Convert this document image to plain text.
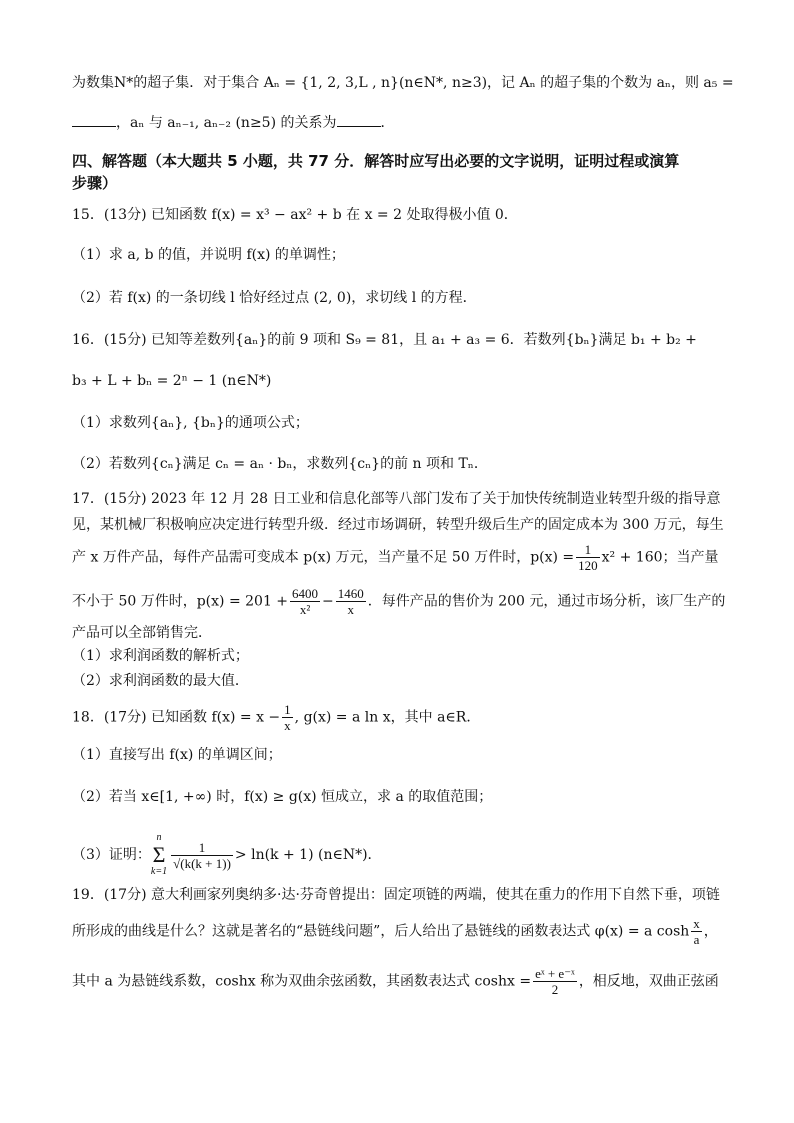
为数集N*的超子集．对于集合 Aₙ = {1, 2, 3,L , n}(n∈N*, n≥3)，记 Aₙ 的超子集的个数为 aₙ，则 a₅ =
，aₙ 与 aₙ₋₁, aₙ₋₂ (n≥5) 的关系为	．
四、解答题（本大题共 5 小题，共 77 分．解答时应写出必要的文字说明，证明过程或演算
步骤）
15．(13分) 已知函数 f(x) = x³ − ax² + b 在 x = 2 处取得极小值 0．
（1）求 a, b 的值，并说明 f(x) 的单调性；
（2）若 f(x) 的一条切线 l 恰好经过点 (2, 0)，求切线 l 的方程．
16．(15分) 已知等差数列{aₙ}的前 9 项和 S₉ = 81，且 a₁ + a₃ = 6．若数列{bₙ}满足 b₁ + b₂ +
b₃ + L + bₙ = 2ⁿ − 1 (n∈N*)
（1）求数列{aₙ}, {bₙ}的通项公式；
（2）若数列{cₙ}满足 cₙ = aₙ · bₙ，求数列{cₙ}的前 n 项和 Tₙ．
17．(15分) 2023 年 12 月 28 日工业和信息化部等八部门发布了关于加快传统制造业转型升级的指导意
见，某机械厂积极响应决定进行转型升级．经过市场调研，转型升级后生产的固定成本为 300 万元，每生
产 x 万件产品，每件产品需可变成本 p(x) 万元，当产量不足 50 万件时，$p(x) = \frac{1}{120} x^2 + 160$；当产量
不小于 50 万件时，$p(x) = 201 + \frac{6400}{\text{x²}} - \frac{1460}{x}$ ．每件产品的售价为 200 元，通过市场分析，该厂生产的
产品可以全部销售完．
（1）求利润函数的解析式；
（2）求利润函数的最大值．
18．(17分) 已知函数 $f(x) = x - \frac{1}{x}$ , g(x) = a ln x，其中 a∈R．
（1）直接写出 f(x) 的单调区间；
（2）若当 x∈[1, +∞) 时，f(x) ≥ g(x) 恒成立，求 a 的取值范围；
（3）证明：
n
Σ
k=1
$\frac{1}{√(k(k + 1))} > \ln(k + 1)$ (n∈N*)．
19．(17分) 意大利画家列奥纳多·达·芬奇曾提出：固定项链的两端，使其在重力的作用下自然下垂，项链
所形成的曲线是什么？这就是著名的“悬链线问题”，后人给出了悬链线的函数表达式 φ(x) = a $\cosh \frac{x}{a}$ ，
其中 a 为悬链线系数，coshx 称为双曲余弦函数，其函数表达式 $\cosh x = \frac{\text{eˣ + e⁻ˣ}}{2}$ ，相反地，双曲正弦函
